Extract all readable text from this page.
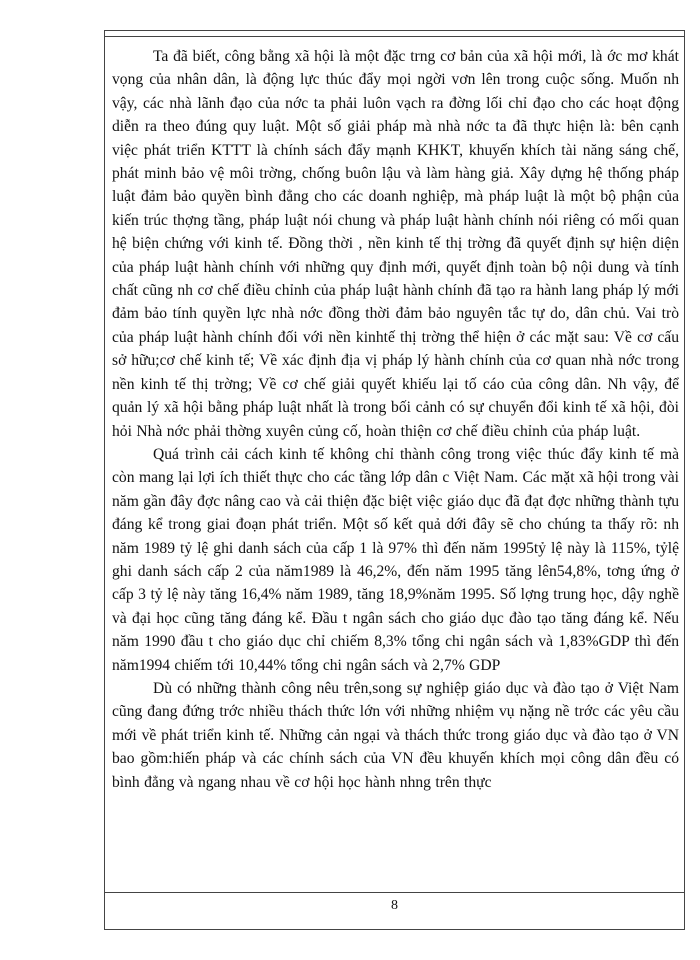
Ta đã biết, công bằng xã hội là một đặc trng cơ bản của xã hội mới, là ớc mơ khát vọng của nhân dân, là động lực thúc đẩy mọi ngời vơn lên trong cuộc sống. Muốn nh vậy, các nhà lãnh đạo của nớc ta phải luôn vạch ra đờng lối chỉ đạo cho các hoạt động diễn ra theo đúng quy luật. Một số giải pháp mà nhà nớc ta đã thực hiện là: bên cạnh việc phát triển KTTT là chính sách đẩy mạnh KHKT, khuyến khích tài năng sáng chế, phát minh bảo vệ môi trờng, chống buôn lậu và làm hàng giả. Xây dựng hệ thống pháp luật đảm bảo quyền bình đẳng cho các doanh nghiệp, mà pháp luật là một bộ phận của kiến trúc thợng tầng, pháp luật nói chung và pháp luật hành chính nói riêng có mối quan hệ biện chứng với kinh tế. Đồng thời , nền kinh tế thị trờng đã quyết định sự hiện diện của pháp luật hành chính với những quy định mới, quyết định toàn bộ nội dung và tính chất cũng nh cơ chế điều chỉnh của pháp luật hành chính đã tạo ra hành lang pháp lý mới đảm bảo tính quyền lực nhà nớc đồng thời đảm bảo nguyên tắc tự do, dân chủ. Vai trò của pháp luật hành chính đối với nền kinhtế thị trờng thể hiện ở các mặt sau: Về cơ cấu sở hữu;cơ chế kinh tế; Về xác định địa vị pháp lý hành chính của cơ quan nhà nớc trong nền kinh tế thị trờng; Về cơ chế giải quyết khiếu lại tố cáo của công dân. Nh vậy, để quản lý xã hội bằng pháp luật nhất là trong bối cảnh có sự chuyển đổi kinh tế xã hội, đòi hỏi Nhà nớc phải thờng xuyên củng cố, hoàn thiện cơ chế điều chỉnh của pháp luật.

Quá trình cải cách kinh tế không chỉ thành công trong việc thúc đẩy kinh tế mà còn mang lại lợi ích thiết thực cho các tầng lớp dân c Việt Nam. Các mặt xã hội trong vài năm gần đây đợc nâng cao và cải thiện đặc biệt việc giáo dục đã đạt đợc những thành tựu đáng kể trong giai đoạn phát triển. Một số kết quả dới đây sẽ cho chúng ta thấy rõ: nh năm 1989 tỷ lệ ghi danh sách của cấp 1 là 97% thì đến năm 1995tỷ lệ này là 115%, tỷlệ ghi danh sách cấp 2 của năm1989 là 46,2%, đến năm 1995 tăng lên54,8%, tơng ứng ở cấp 3 tỷ lệ này tăng 16,4% năm 1989, tăng 18,9%năm 1995. Số lợng trung học, dậy nghề và đại học cũng tăng đáng kể. Đầu t ngân sách cho giáo dục đào tạo tăng đáng kể. Nếu năm 1990 đầu t cho giáo dục chỉ chiếm 8,3% tổng chi ngân sách và 1,83%GDP thì đến năm1994 chiếm tới 10,44% tổng chi ngân sách và 2,7% GDP

Dù có những thành công nêu trên,song sự nghiệp giáo dục và đào tạo ở Việt Nam cũng đang đứng trớc nhiều thách thức lớn với những nhiệm vụ nặng nề trớc các yêu cầu mới về phát triển kinh tế. Những cản ngại và thách thức trong giáo dục và đào tạo ở VN bao gồm:hiến pháp và các chính sách của VN đều khuyến khích mọi công dân đều có bình đẳng và ngang nhau về cơ hội học hành nhng trên thực

8
